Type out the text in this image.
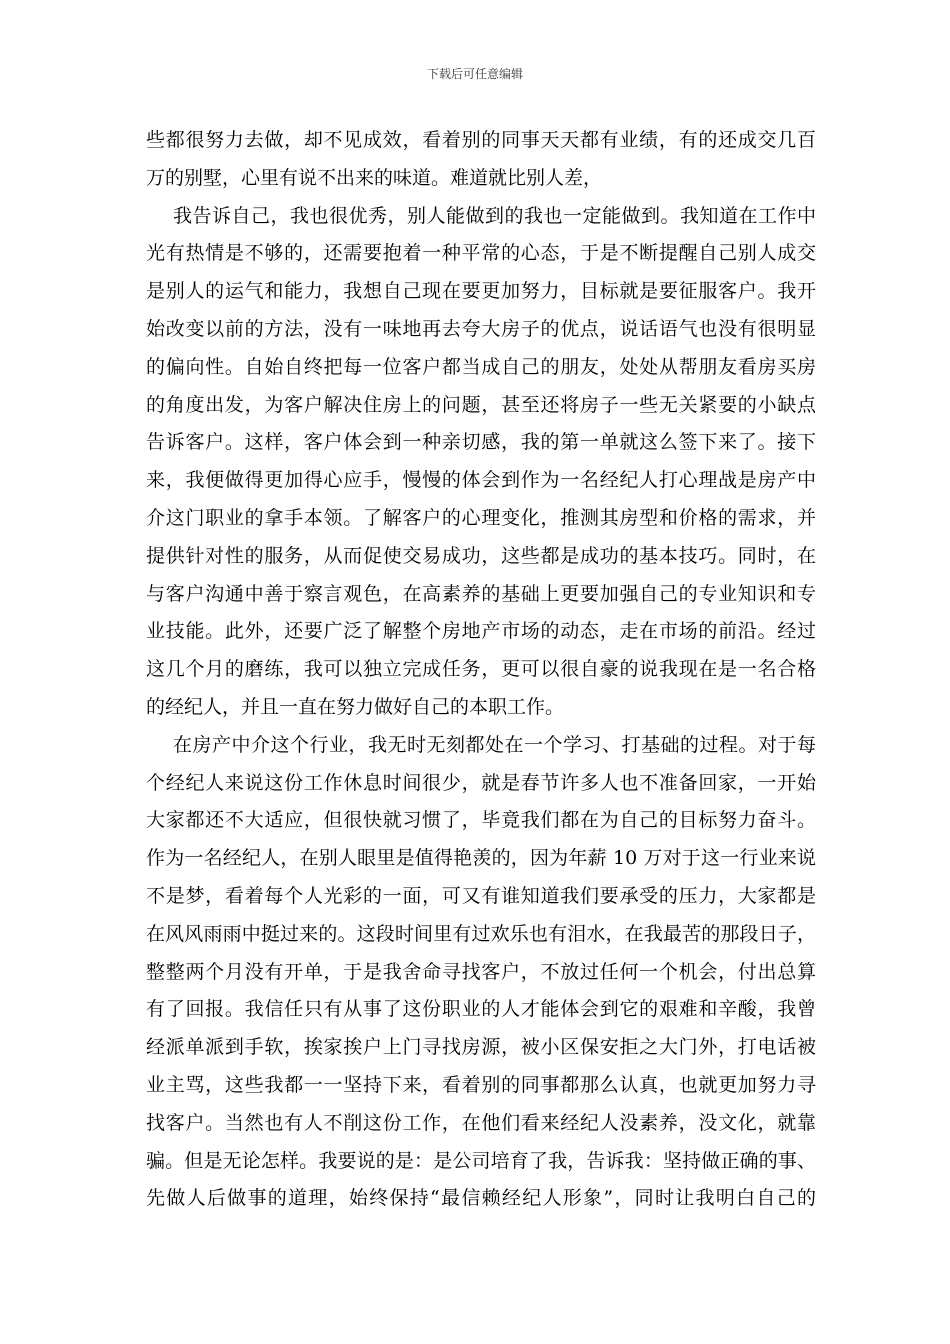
下载后可任意编辑
些都很努力去做，却不见成效，看着别的同事天天都有业绩，有的还成交几百
万的别墅，心里有说不出来的味道。难道就比别人差，
我告诉自己，我也很优秀，别人能做到的我也一定能做到。我知道在工作中
光有热情是不够的，还需要抱着一种平常的心态，于是不断提醒自己别人成交
是别人的运气和能力，我想自己现在要更加努力，目标就是要征服客户。我开
始改变以前的方法，没有一味地再去夸大房子的优点，说话语气也没有很明显
的偏向性。自始自终把每一位客户都当成自己的朋友，处处从帮朋友看房买房
的角度出发，为客户解决住房上的问题，甚至还将房子一些无关紧要的小缺点
告诉客户。这样，客户体会到一种亲切感，我的第一单就这么签下来了。接下
来，我便做得更加得心应手，慢慢的体会到作为一名经纪人打心理战是房产中
介这门职业的拿手本领。了解客户的心理变化，推测其房型和价格的需求，并
提供针对性的服务，从而促使交易成功，这些都是成功的基本技巧。同时，在
与客户沟通中善于察言观色，在高素养的基础上更要加强自己的专业知识和专
业技能。此外，还要广泛了解整个房地产市场的动态，走在市场的前沿。经过
这几个月的磨练，我可以独立完成任务，更可以很自豪的说我现在是一名合格
的经纪人，并且一直在努力做好自己的本职工作。
在房产中介这个行业，我无时无刻都处在一个学习、打基础的过程。对于每
个经纪人来说这份工作休息时间很少，就是春节许多人也不准备回家，一开始
大家都还不大适应，但很快就习惯了，毕竟我们都在为自己的目标努力奋斗。
作为一名经纪人，在别人眼里是值得艳羡的，因为年薪 10 万对于这一行业来说
不是梦，看着每个人光彩的一面，可又有谁知道我们要承受的压力，大家都是
在风风雨雨中挺过来的。这段时间里有过欢乐也有泪水，在我最苦的那段日子，
整整两个月没有开单，于是我舍命寻找客户，不放过任何一个机会，付出总算
有了回报。我信任只有从事了这份职业的人才能体会到它的艰难和辛酸，我曾
经派单派到手软，挨家挨户上门寻找房源，被小区保安拒之大门外，打电话被
业主骂，这些我都一一坚持下来，看着别的同事都那么认真，也就更加努力寻
找客户。当然也有人不削这份工作，在他们看来经纪人没素养，没文化，就靠
骗。但是无论怎样。我要说的是：是公司培育了我，告诉我：坚持做正确的事、
先做人后做事的道理，始终保持“最信赖经纪人形象”，同时让我明白自己的
